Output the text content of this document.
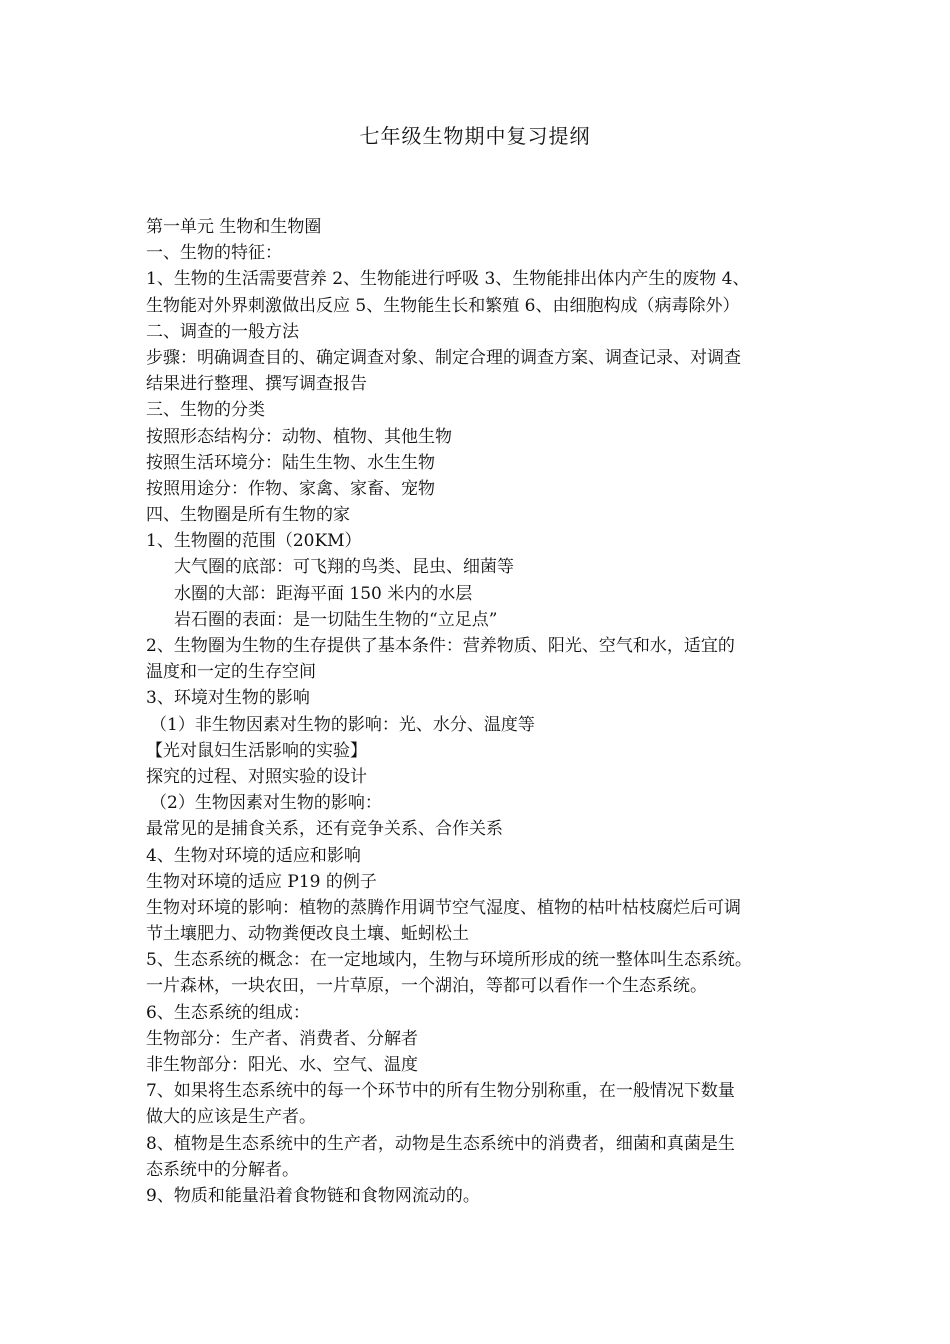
七年级生物期中复习提纲
第一单元 生物和生物圈
一、生物的特征：
1、生物的生活需要营养 2、生物能进行呼吸 3、生物能排出体内产生的废物 4、
生物能对外界刺激做出反应 5、生物能生长和繁殖 6、由细胞构成（病毒除外）
二、调查的一般方法
步骤：明确调查目的、确定调查对象、制定合理的调查方案、调查记录、对调查
结果进行整理、撰写调查报告
三、生物的分类
按照形态结构分：动物、植物、其他生物
按照生活环境分：陆生生物、水生生物
按照用途分：作物、家禽、家畜、宠物
四、生物圈是所有生物的家
1、生物圈的范围（20KM）
大气圈的底部：可飞翔的鸟类、昆虫、细菌等
水圈的大部：距海平面 150 米内的水层
岩石圈的表面：是一切陆生生物的“立足点”
2、生物圈为生物的生存提供了基本条件：营养物质、阳光、空气和水，适宜的
温度和一定的生存空间
3、环境对生物的影响
（1）非生物因素对生物的影响：光、水分、温度等
【光对鼠妇生活影响的实验】
探究的过程、对照实验的设计
（2）生物因素对生物的影响：
最常见的是捕食关系，还有竞争关系、合作关系
4、生物对环境的适应和影响
生物对环境的适应 P19 的例子
生物对环境的影响：植物的蒸腾作用调节空气湿度、植物的枯叶枯枝腐烂后可调
节土壤肥力、动物粪便改良土壤、蚯蚓松土
5、生态系统的概念：在一定地域内，生物与环境所形成的统一整体叫生态系统。
一片森林，一块农田，一片草原，一个湖泊，等都可以看作一个生态系统。
6、生态系统的组成：
生物部分：生产者、消费者、分解者
非生物部分：阳光、水、空气、温度
7、如果将生态系统中的每一个环节中的所有生物分别称重，在一般情况下数量
做大的应该是生产者。
8、植物是生态系统中的生产者，动物是生态系统中的消费者，细菌和真菌是生
态系统中的分解者。
9、物质和能量沿着食物链和食物网流动的。
